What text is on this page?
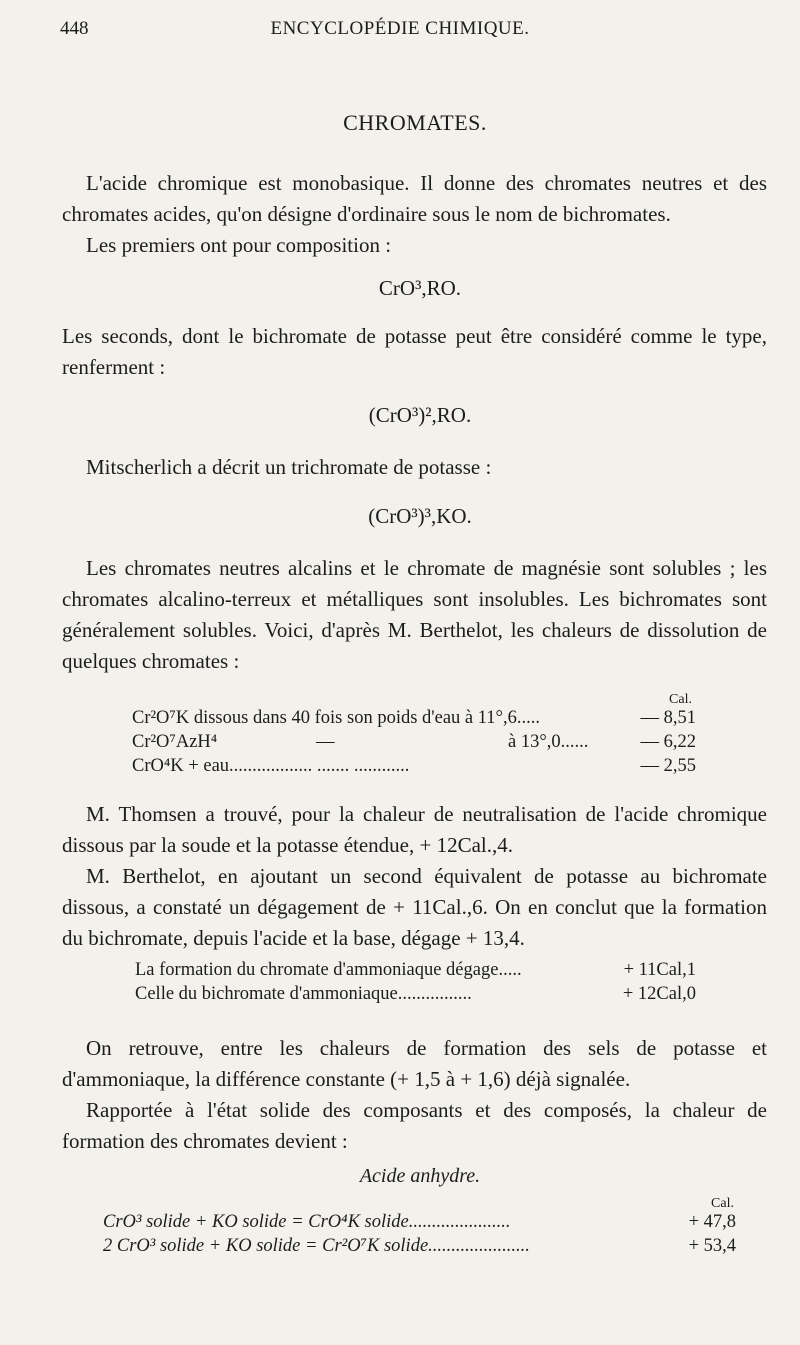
448	ENCYCLOPÉDIE CHIMIQUE.
CHROMATES.

L'acide chromique est monobasique. Il donne des chromates neutres et des chromates acides, qu'on désigne d'ordinaire sous le nom de bichromates.

Les premiers ont pour composition :

CrO³,RO.
Les seconds, dont le bichromate de potasse peut être considéré comme le type, renferment :
(CrO³)²,RO.
Mitscherlich a décrit un trichromate de potasse :
(CrO³)³,KO.
Les chromates neutres alcalins et le chromate de magnésie sont solubles ; les chromates alcalino-terreux et métalliques sont insolubles. Les bichromates sont généralement solubles. Voici, d'après M. Berthelot, les chaleurs de dissolution de quelques chromates :
Cal.
Cr²O⁷K dissous dans 40 fois son poids d'eau à 11°,6.....	— 8,51
Cr²O⁷AzH⁴	—	à 13°,0......	— 6,22
CrO⁴K + eau.................. ....... ............	— 2,55

M. Thomsen a trouvé, pour la chaleur de neutralisation de l'acide chromique dissous par la soude et la potasse étendue, + 12Cal.,4.

M. Berthelot, en ajoutant un second équivalent de potasse au bichromate dissous, a constaté un dégagement de + 11Cal.,6. On en conclut que la formation du bichromate, depuis l'acide et la base, dégage + 13,4.

La formation du chromate d'ammoniaque dégage.....	+ 11Cal,1
Celle du bichromate d'ammoniaque................	+ 12Cal,0

On retrouve, entre les chaleurs de formation des sels de potasse et d'ammoniaque, la différence constante (+ 1,5 à + 1,6) déjà signalée.

Rapportée à l'état solide des composants et des composés, la chaleur de formation des chromates devient :

Acide anhydre.
Cal.
CrO³ solide + KO solide = CrO⁴K solide......................	+ 47,8
2 CrO³ solide + KO solide = Cr²O⁷K solide......................	+ 53,4
